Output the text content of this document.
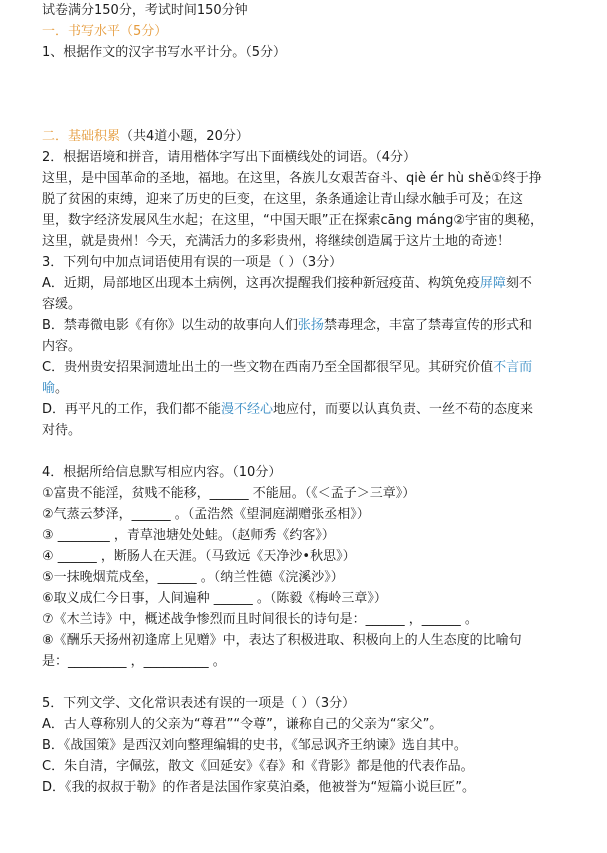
试卷满分150分，考试时间150分钟
一．书写水平（5分）
1、根据作文的汉字书写水平计分。（5分）
二．基础积累（共4道小题，20分）
2．根据语境和拼音，请用楷体字写出下面横线处的词语。（4分）
这里，是中国革命的圣地，福地。在这里，各族儿女艰苦奋斗、qiè ér hù shě①终于挣
脱了贫困的束缚，迎来了历史的巨变，在这里，条条通途让青山绿水触手可及；在这
里，数字经济发展风生水起；在这里，“中国天眼”正在探索cāng máng②宇宙的奥秘，
这里，就是贵州！今天，充满活力的多彩贵州，将继续创造属于这片土地的奇迹！
3．下列句中加点词语使用有误的一项是（ ）（3分）
A．近期，局部地区出现本土病例，这再次提醒我们接种新冠疫苗、构筑免疫屏障刻不
容缓。
B．禁毒微电影《有你》以生动的故事向人们张扬禁毒理念，丰富了禁毒宣传的形式和
内容。
C．贵州贵安招果洞遗址出土的一些文物在西南乃至全国都很罕见。其研究价值不言而
喻。
D．再平凡的工作，我们都不能漫不经心地应付，而要以认真负责、一丝不苟的态度来
对待。
4．根据所给信息默写相应内容。（10分）
①富贵不能淫，贫贱不能移，______ 不能屈。（《＜孟子＞三章》）
②气蒸云梦泽，______ 。（孟浩然《望洞庭湖赠张丞相》）
③ ________ ，青草池塘处处蛙。（赵师秀《约客》）
④ ______ ，断肠人在天涯。（马致远《天净沙•秋思》）
⑤一抹晚烟荒戍垒，______ 。（纳兰性德《浣溪沙》）
⑥取义成仁今日事，人间遍种 ______ 。（陈毅《梅岭三章》）
⑦《木兰诗》中，概述战争惨烈而且时间很长的诗句是：______ ，______ 。
⑧《酬乐天扬州初逢席上见赠》中，表达了积极进取、积极向上的人生态度的比喻句
是：_________ ，__________ 。
5．下列文学、文化常识表述有误的一项是（ ）（3分）
A．古人尊称别人的父亲为“尊君”“令尊”，谦称自己的父亲为“家父”。
B．《战国策》是西汉刘向整理编辑的史书，《邹忌讽齐王纳谏》选自其中。
C．朱自清，字佩弦，散文《回延安》《春》和《背影》都是他的代表作品。
D．《我的叔叔于勒》的作者是法国作家莫泊桑，他被誉为“短篇小说巨匠”。
